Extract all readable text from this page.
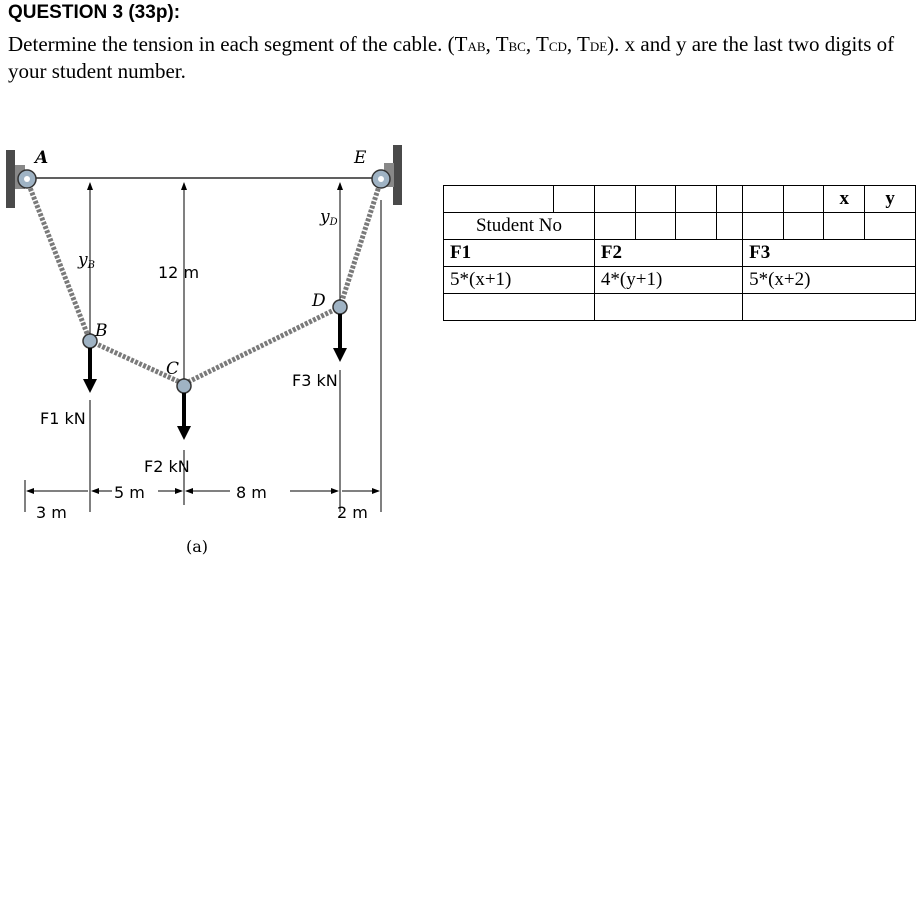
QUESTION 3 (33p):
Determine the tension in each segment of the cable. (TAB, TBC, TCD, TDE). x and y are the last two digits of your student number.
A	E
B
C
D
yB
yD
12 m
F1 kN
F2 kN
F3 kN
3 m
5 m	8 m
2 m
(a)
								x	y
Student No									
F1		F2				F3			
5*(x+1)		4*(y+1)				5*(x+2)			
